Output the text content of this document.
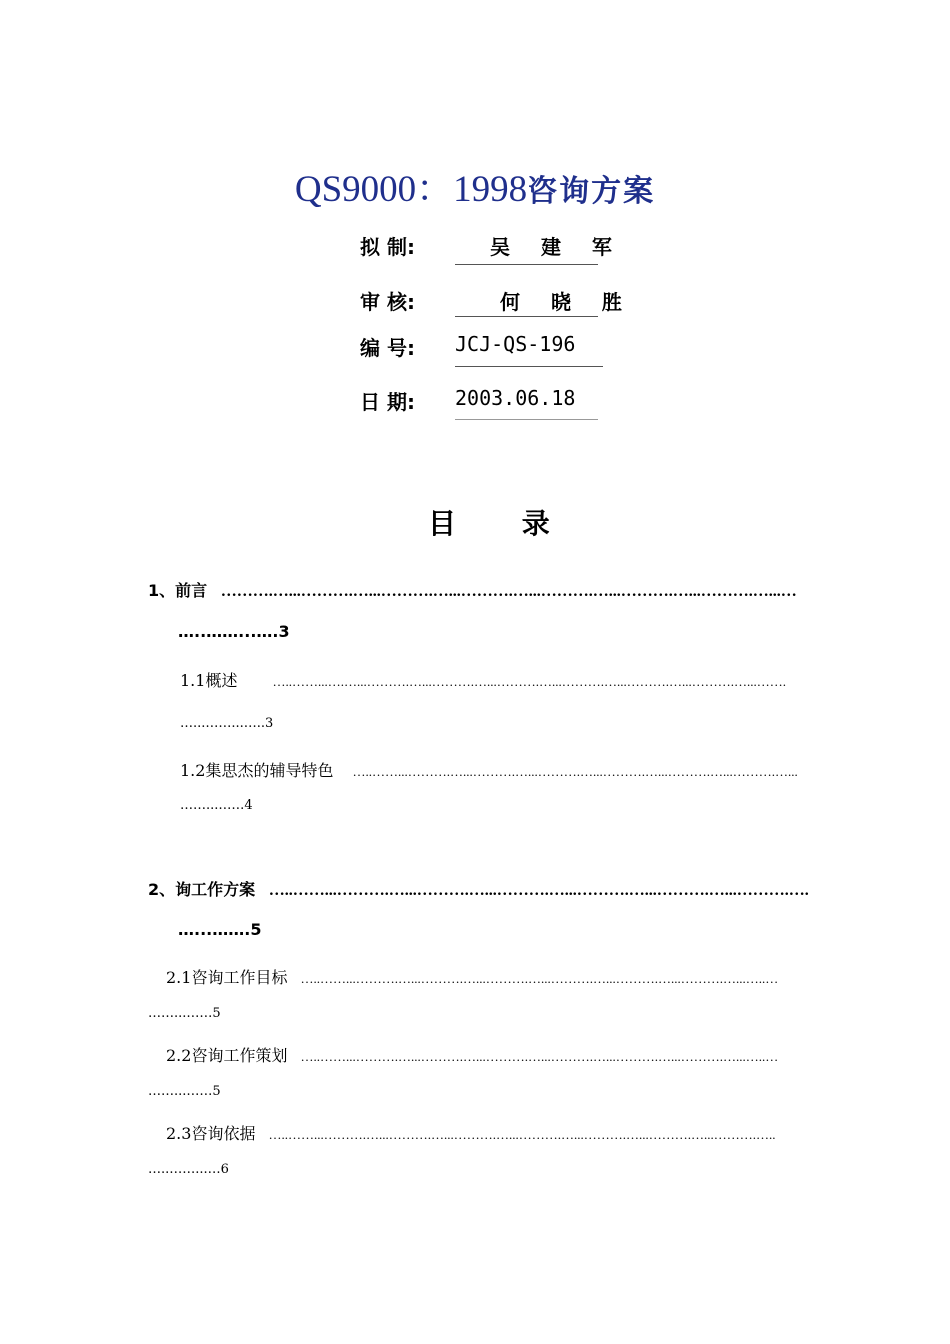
QS9000：1998咨询方案
拟 制:	吴 建 军
审 核:	何 晓 胜
编 号: JCJ-QS-196
日 期: 2003.06.18
目 录
1、前言 ……….…...……….…...……….…...……….…...……….…...……….…...……….…...…
…..……...….3
1.1概述	…..……...….…...……….…...……….…...……….…...……….…...……….…...……….…...…….
…...……...…..3
1.2集思杰的辅导特色 …..……...……….…...……….…...……….…...……….…...……….…...……….…...
……...……4
2、询工作方案 …..……...……….…...……….…...……….…...……….…...……….…...……….….
…...…….5
2.1咨询工作目标 …..……...……….…...……….…...……….…...……….…...……….…...……….…...…..…
……...……5
2.2咨询工作策划 …..……...……….…...……….…...……….…...……….…...……….…...……….…...…..…
……...……5
2.3咨询依据 …..……...……….…...……….…...……….…...……….…...……….…...……….…...……….…..
…..……...…6
